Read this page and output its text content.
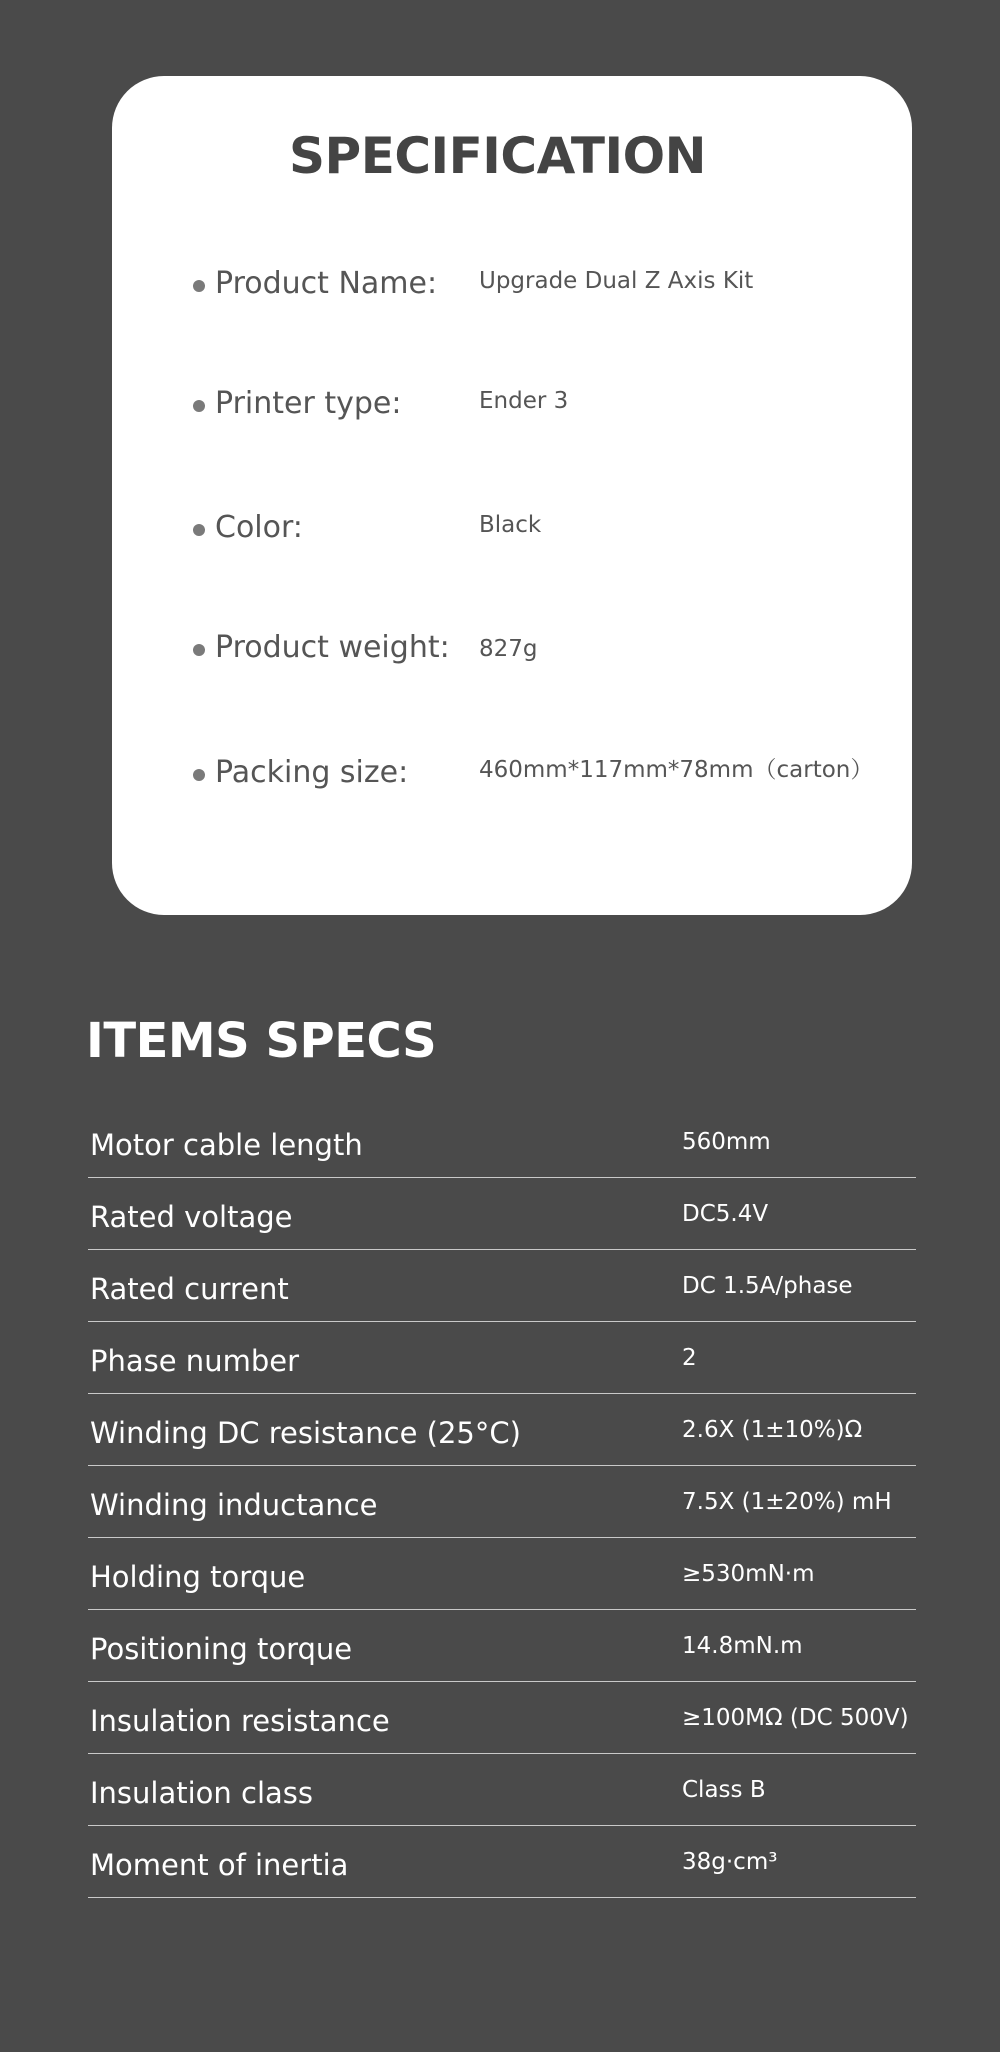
SPECIFICATION
Product Name: Upgrade Dual Z Axis Kit
Printer type:	Ender 3
Color:	Black
Product weight: 827g
Packing size:	460mm*117mm*78mm（carton）
ITEMS SPECS
Motor cable length	560mm
Rated voltage	DC5.4V
Rated current	DC 1.5A/phase
Phase number	2
Winding DC resistance (25°C)	2.6X (1±10%)Ω
Winding inductance	7.5X (1±20%) mH
Holding torque	≥530mN·m
Positioning torque	14.8mN.m
Insulation resistance	≥100MΩ (DC 500V)
Insulation class	Class B
Moment of inertia	38g·cm³
